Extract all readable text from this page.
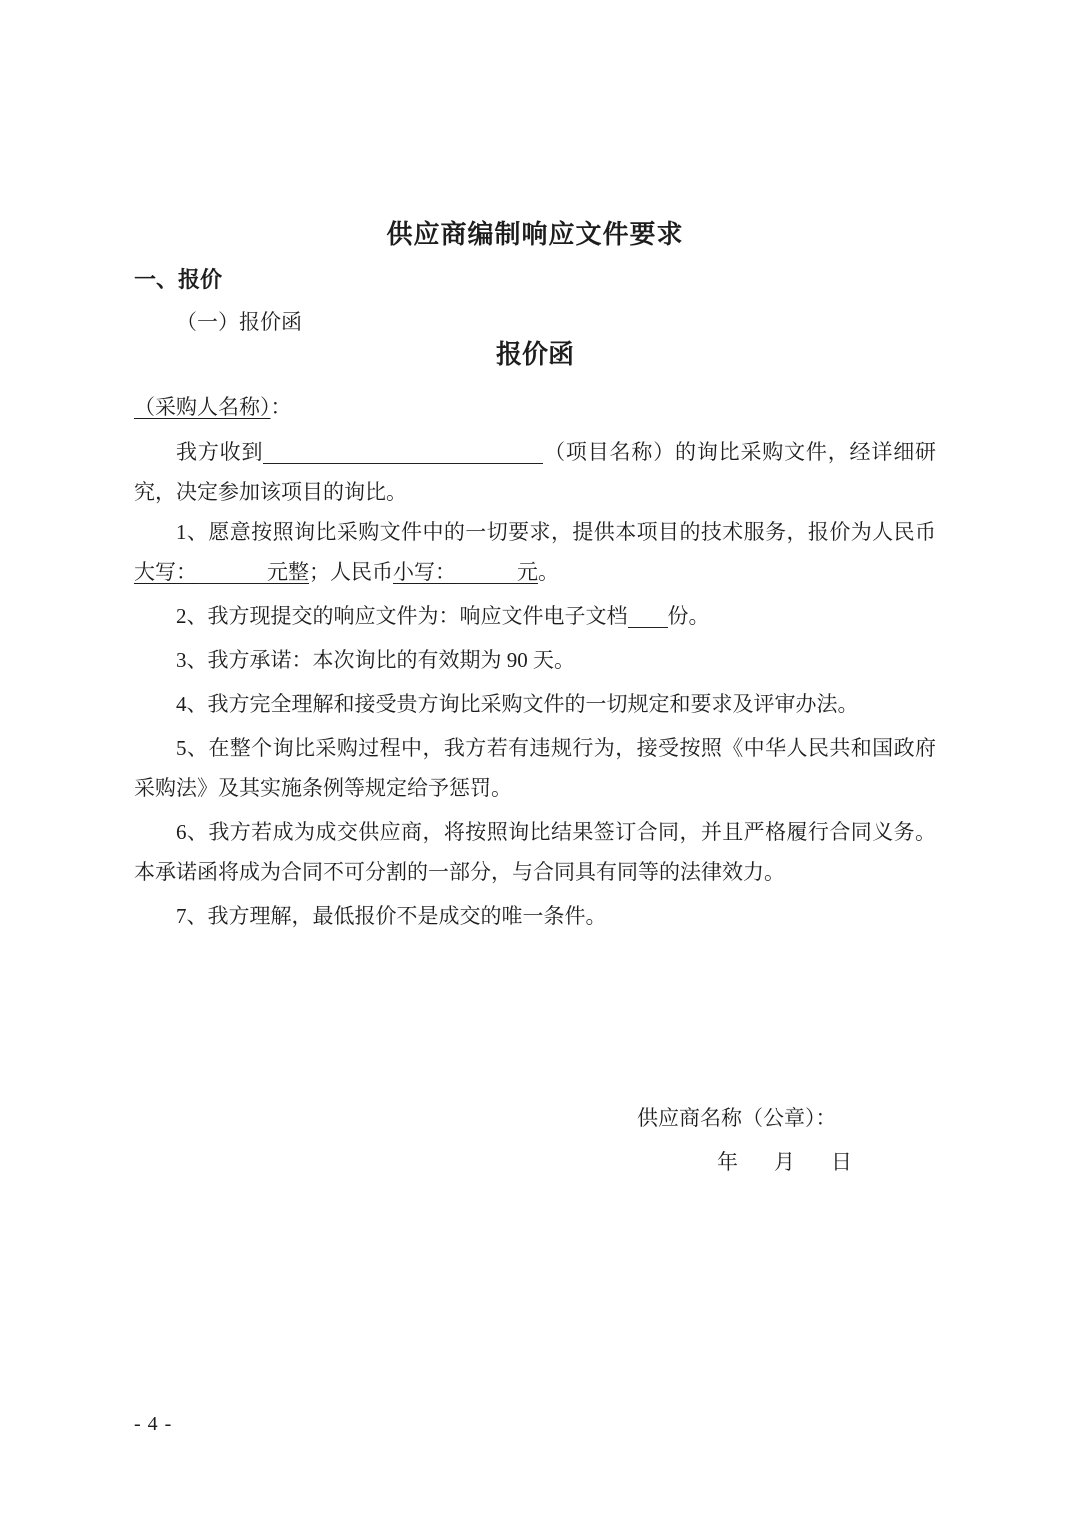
供应商编制响应文件要求
一、报价
（一）报价函
报价函
（采购人名称）：

我方收到	（项目名称）的询比采购文件，经详细研究，决定参加该项目的询比。

1、愿意按照询比采购文件中的一切要求，提供本项目的技术服务，报价为人民币大写：	元整；人民币小写：	元。

2、我方现提交的响应文件为：响应文件电子文档 份。

3、我方承诺：本次询比的有效期为 90 天。

4、我方完全理解和接受贵方询比采购文件的一切规定和要求及评审办法。

5、在整个询比采购过程中，我方若有违规行为，接受按照《中华人民共和国政府采购法》及其实施条例等规定给予惩罚。

6、我方若成为成交供应商，将按照询比结果签订合同，并且严格履行合同义务。本承诺函将成为合同不可分割的一部分，与合同具有同等的法律效力。

7、我方理解，最低报价不是成交的唯一条件。

供应商名称（公章）：
年 月 日
- 4 -
